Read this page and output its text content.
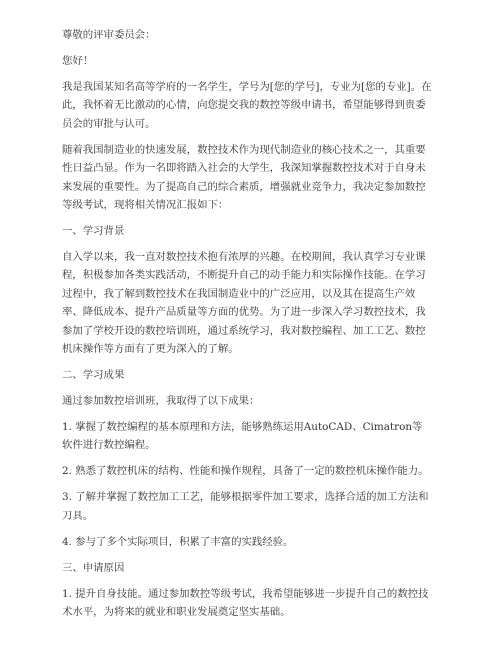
尊敬的评审委员会：

您好！

我是我国某知名高等学府的一名学生，学号为[您的学号]，专业为[您的专业]。在此，我怀着无比激动的心情，向您提交我的数控等级申请书，希望能够得到贵委员会的审批与认可。

随着我国制造业的快速发展，数控技术作为现代制造业的核心技术之一，其重要性日益凸显。作为一名即将踏入社会的大学生，我深知掌握数控技术对于自身未来发展的重要性。为了提高自己的综合素质，增强就业竞争力，我决定参加数控等级考试，现将相关情况汇报如下：

一、学习背景

自入学以来，我一直对数控技术抱有浓厚的兴趣。在校期间，我认真学习专业课程，积极参加各类实践活动，不断提升自己的动手能力和实际操作技能。在学习过程中，我了解到数控技术在我国制造业中的广泛应用，以及其在提高生产效率、降低成本、提升产品质量等方面的优势。为了进一步深入学习数控技术，我参加了学校开设的数控培训班，通过系统学习，我对数控编程、加工工艺、数控机床操作等方面有了更为深入的了解。

二、学习成果

通过参加数控培训班，我取得了以下成果：

1. 掌握了数控编程的基本原理和方法，能够熟练运用AutoCAD、Cimatron等软件进行数控编程。

2. 熟悉了数控机床的结构、性能和操作规程，具备了一定的数控机床操作能力。

3. 了解并掌握了数控加工工艺，能够根据零件加工要求，选择合适的加工方法和刀具。

4. 参与了多个实际项目，积累了丰富的实践经验。

三、申请原因

1. 提升自身技能。通过参加数控等级考试，我希望能够进一步提升自己的数控技术水平，为将来的就业和职业发展奠定坚实基础。
